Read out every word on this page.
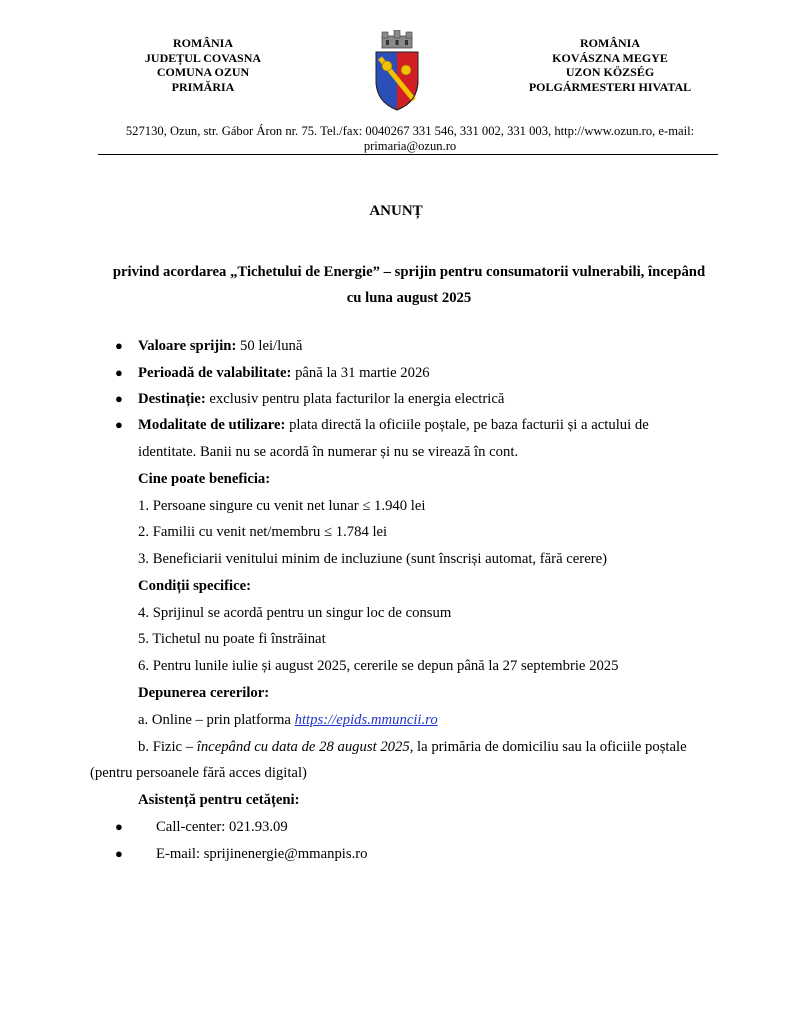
ROMÂNIA
JUDEȚUL COVASNA
COMUNA OZUN
PRIMĂRIA
ROMÂNIA
KOVÁSZNA MEGYE
UZON KÖZSÉG
POLGÁRMESTERI HIVATAL
527130, Ozun, str. Gábor Áron nr. 75. Tel./fax: 0040267 331 546, 331 002, 331 003, http://www.ozun.ro, e-mail:
primaria@ozun.ro
ANUNȚ
privind acordarea „Tichetului de Energie” – sprijin pentru consumatorii vulnerabili, începând
cu luna august 2025
● Valoare sprijin: 50 lei/lună
● Perioadă de valabilitate: până la 31 martie 2026
● Destinație: exclusiv pentru plata facturilor la energia electrică
● Modalitate de utilizare: plata directă la oficiile poștale, pe baza facturii și a actului de
identitate. Banii nu se acordă în numerar și nu se virează în cont.
Cine poate beneficia:
1. Persoane singure cu venit net lunar ≤ 1.940 lei
2. Familii cu venit net/membru ≤ 1.784 lei
3. Beneficiarii venitului minim de incluziune (sunt înscriși automat, fără cerere)
Condiții specifice:
4. Sprijinul se acordă pentru un singur loc de consum
5. Tichetul nu poate fi înstrăinat
6. Pentru lunile iulie și august 2025, cererile se depun până la 27 septembrie 2025
Depunerea cererilor:
a. Online – prin platforma https://epids.mmuncii.ro
b. Fizic – începând cu data de 28 august 2025, la primăria de domiciliu sau la oficiile poștale
(pentru persoanele fără acces digital)
Asistență pentru cetățeni:
● Call-center: 021.93.09
● E-mail: sprijinenergie@mmanpis.ro
